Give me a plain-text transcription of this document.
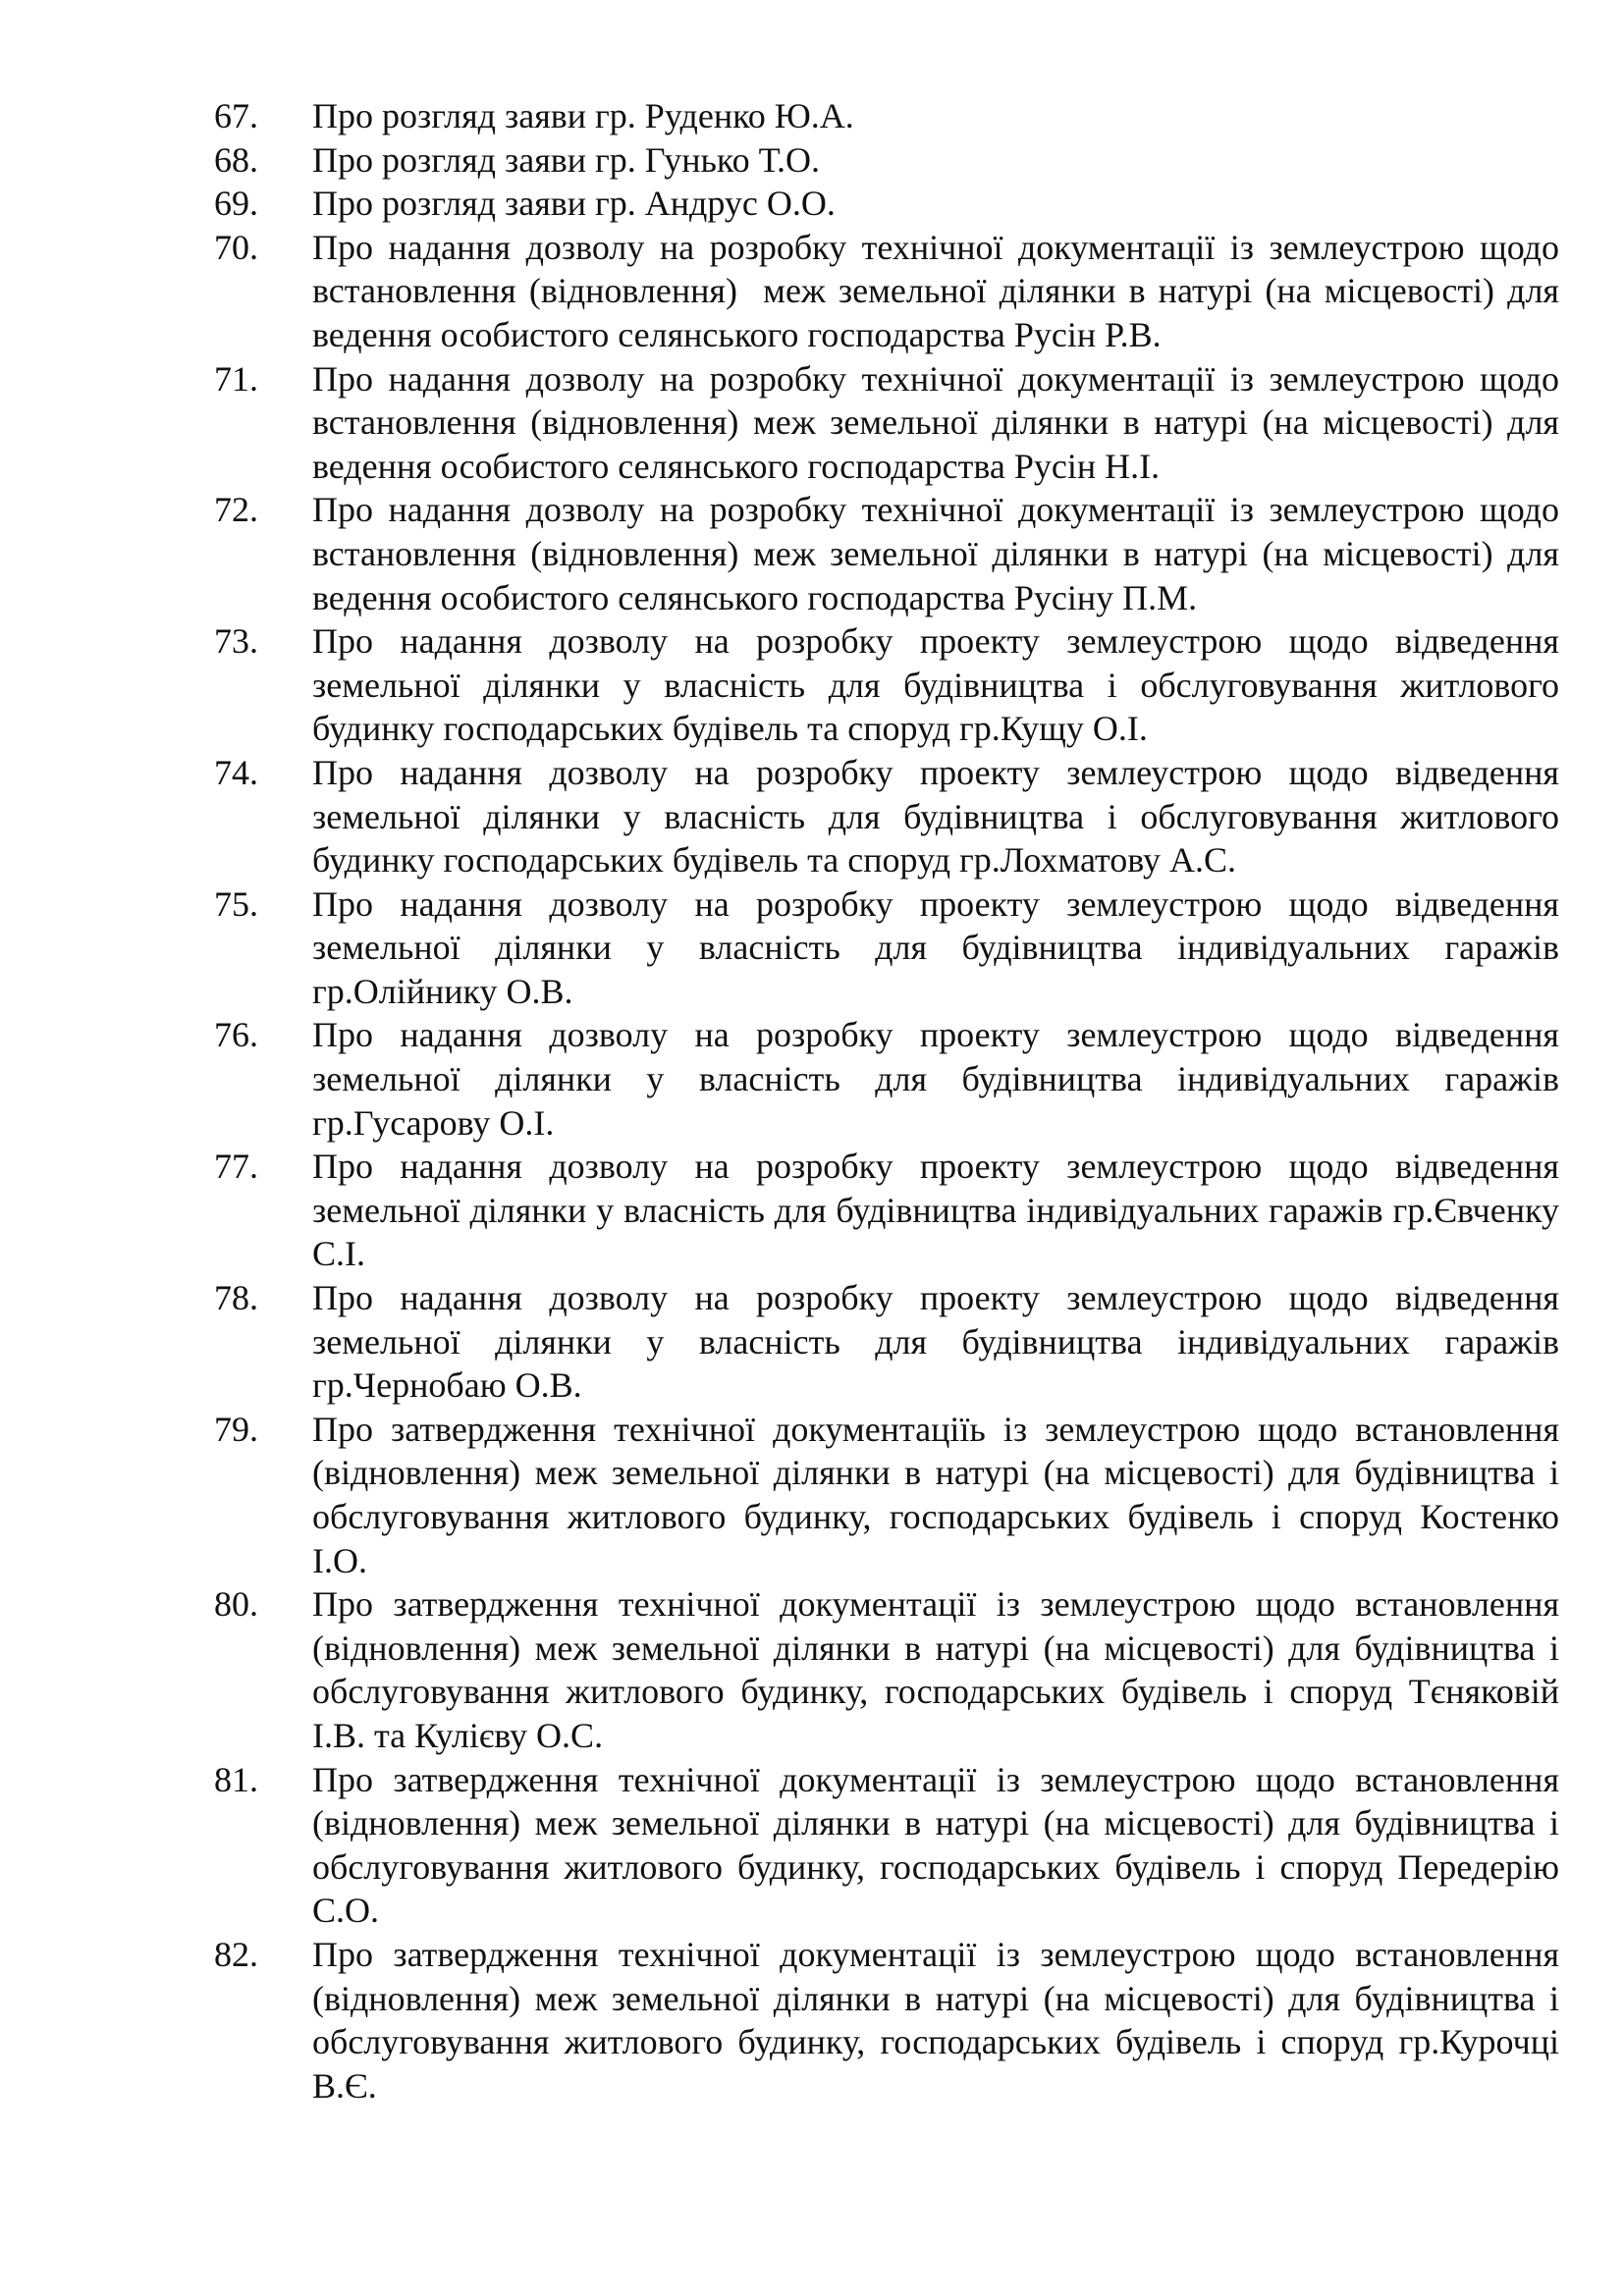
67.	Про розгляд заяви гр. Руденко Ю.А.
68.	Про розгляд заяви гр. Гунько Т.О.
69.	Про розгляд заяви гр. Андрус О.О.
70.	Про надання дозволу на розробку технічної документації із землеустрою щодо встановлення (відновлення)  меж земельної ділянки в натурі (на місцевості) для ведення особистого селянського господарства Русін Р.В.
71.	Про надання дозволу на розробку технічної документації із землеустрою щодо встановлення (відновлення) меж земельної ділянки в натурі (на місцевості) для ведення особистого селянського господарства Русін Н.І.
72.	Про надання дозволу на розробку технічної документації із землеустрою щодо встановлення (відновлення) меж земельної ділянки в натурі (на місцевості) для ведення особистого селянського господарства Русіну П.М.
73.	Про надання дозволу на розробку проекту землеустрою щодо відведення земельної ділянки у власність для будівництва і обслуговування житлового будинку господарських будівель та споруд гр.Кущу О.І.
74.	Про надання дозволу на розробку проекту землеустрою щодо відведення земельної ділянки у власність для будівництва і обслуговування житлового будинку господарських будівель та споруд гр.Лохматову А.С.
75.	Про надання дозволу на розробку проекту землеустрою щодо відведення земельної ділянки у власність для будівництва індивідуальних гаражів гр.Олійнику О.В.
76.	Про надання дозволу на розробку проекту землеустрою щодо відведення земельної ділянки у власність для будівництва індивідуальних гаражів гр.Гусарову О.І.
77.	Про надання дозволу на розробку проекту землеустрою щодо відведення земельної ділянки у власність для будівництва індивідуальних гаражів гр.Євченку С.І.
78.	Про надання дозволу на розробку проекту землеустрою щодо відведення земельної ділянки у власність для будівництва індивідуальних гаражів гр.Чернобаю О.В.
79.	Про затвердження технічної документаціїь із землеустрою щодо встановлення (відновлення) меж земельної ділянки в натурі (на місцевості) для будівництва і обслуговування житлового будинку, господарських будівель і споруд Костенко  І.О.
80.	Про затвердження технічної документації із землеустрою щодо встановлення (відновлення) меж земельної ділянки в натурі (на місцевості) для будівництва і обслуговування житлового будинку, господарських будівель і споруд Тєняковій  І.В. та Кулієву О.С.
81.	Про затвердження технічної документації із землеустрою щодо встановлення (відновлення) меж земельної ділянки в натурі (на місцевості) для будівництва і обслуговування житлового будинку, господарських будівель і споруд Передерію  С.О.
82.	Про затвердження технічної документації із землеустрою щодо встановлення (відновлення) меж земельної ділянки в натурі (на місцевості) для будівництва і обслуговування житлового будинку, господарських будівель і споруд гр.Курочці  В.Є.
